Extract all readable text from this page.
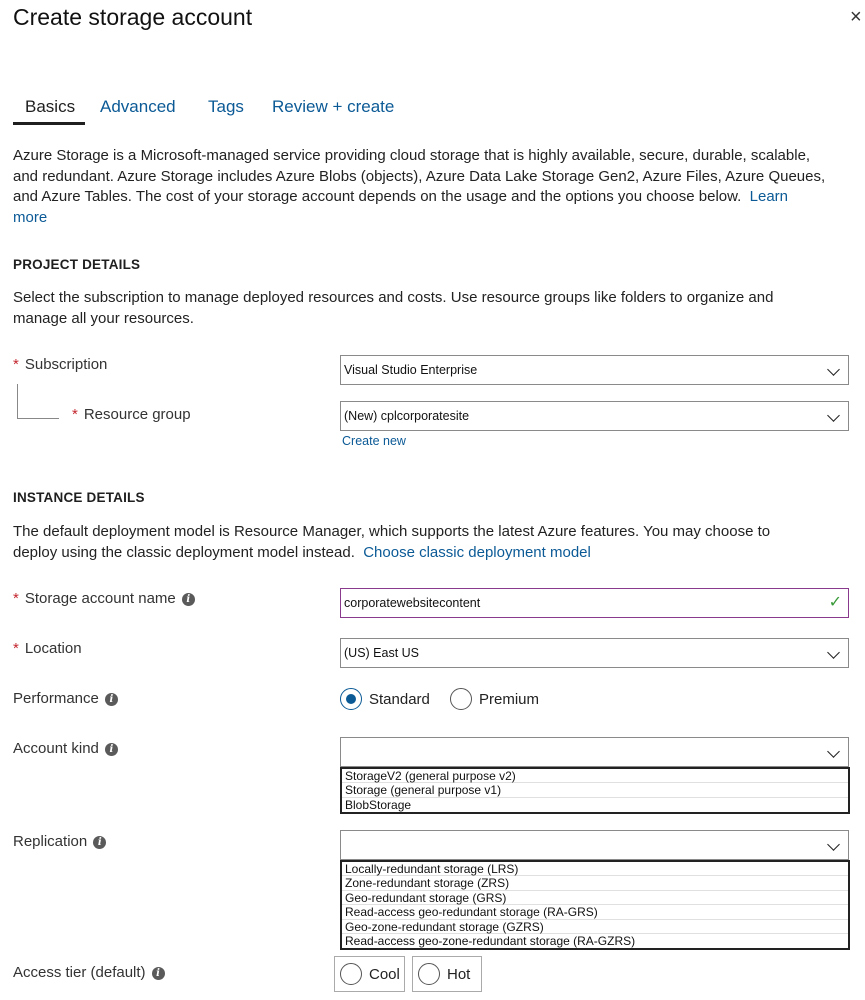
Create storage account	×
Basics Advanced Tags Review + create
Azure Storage is a Microsoft-managed service providing cloud storage that is highly available, secure, durable, scalable,
and redundant. Azure Storage includes Azure Blobs (objects), Azure Data Lake Storage Gen2, Azure Files, Azure Queues,
and Azure Tables. The cost of your storage account depends on the usage and the options you choose below. Learn
more
PROJECT DETAILS
Select the subscription to manage deployed resources and costs. Use resource groups like folders to organize and
manage all your resources.
* Subscription	Visual Studio Enterprise
* Resource group	(New) cplcorporatesite
Create new
INSTANCE DETAILS
The default deployment model is Resource Manager, which supports the latest Azure features. You may choose to
deploy using the classic deployment model instead. Choose classic deployment model
* Storage account name i	corporatewebsitecontent	✓
* Location	(US) East US
Performance i	Standard	Premium
Account kind i
StorageV2 (general purpose v2)
Storage (general purpose v1)
BlobStorage
Replication i
Locally-redundant storage (LRS)
Zone-redundant storage (ZRS)
Geo-redundant storage (GRS)
Read-access geo-redundant storage (RA-GRS)
Geo-zone-redundant storage (GZRS)
Read-access geo-zone-redundant storage (RA-GZRS)
Access tier (default) i	Cool	Hot
